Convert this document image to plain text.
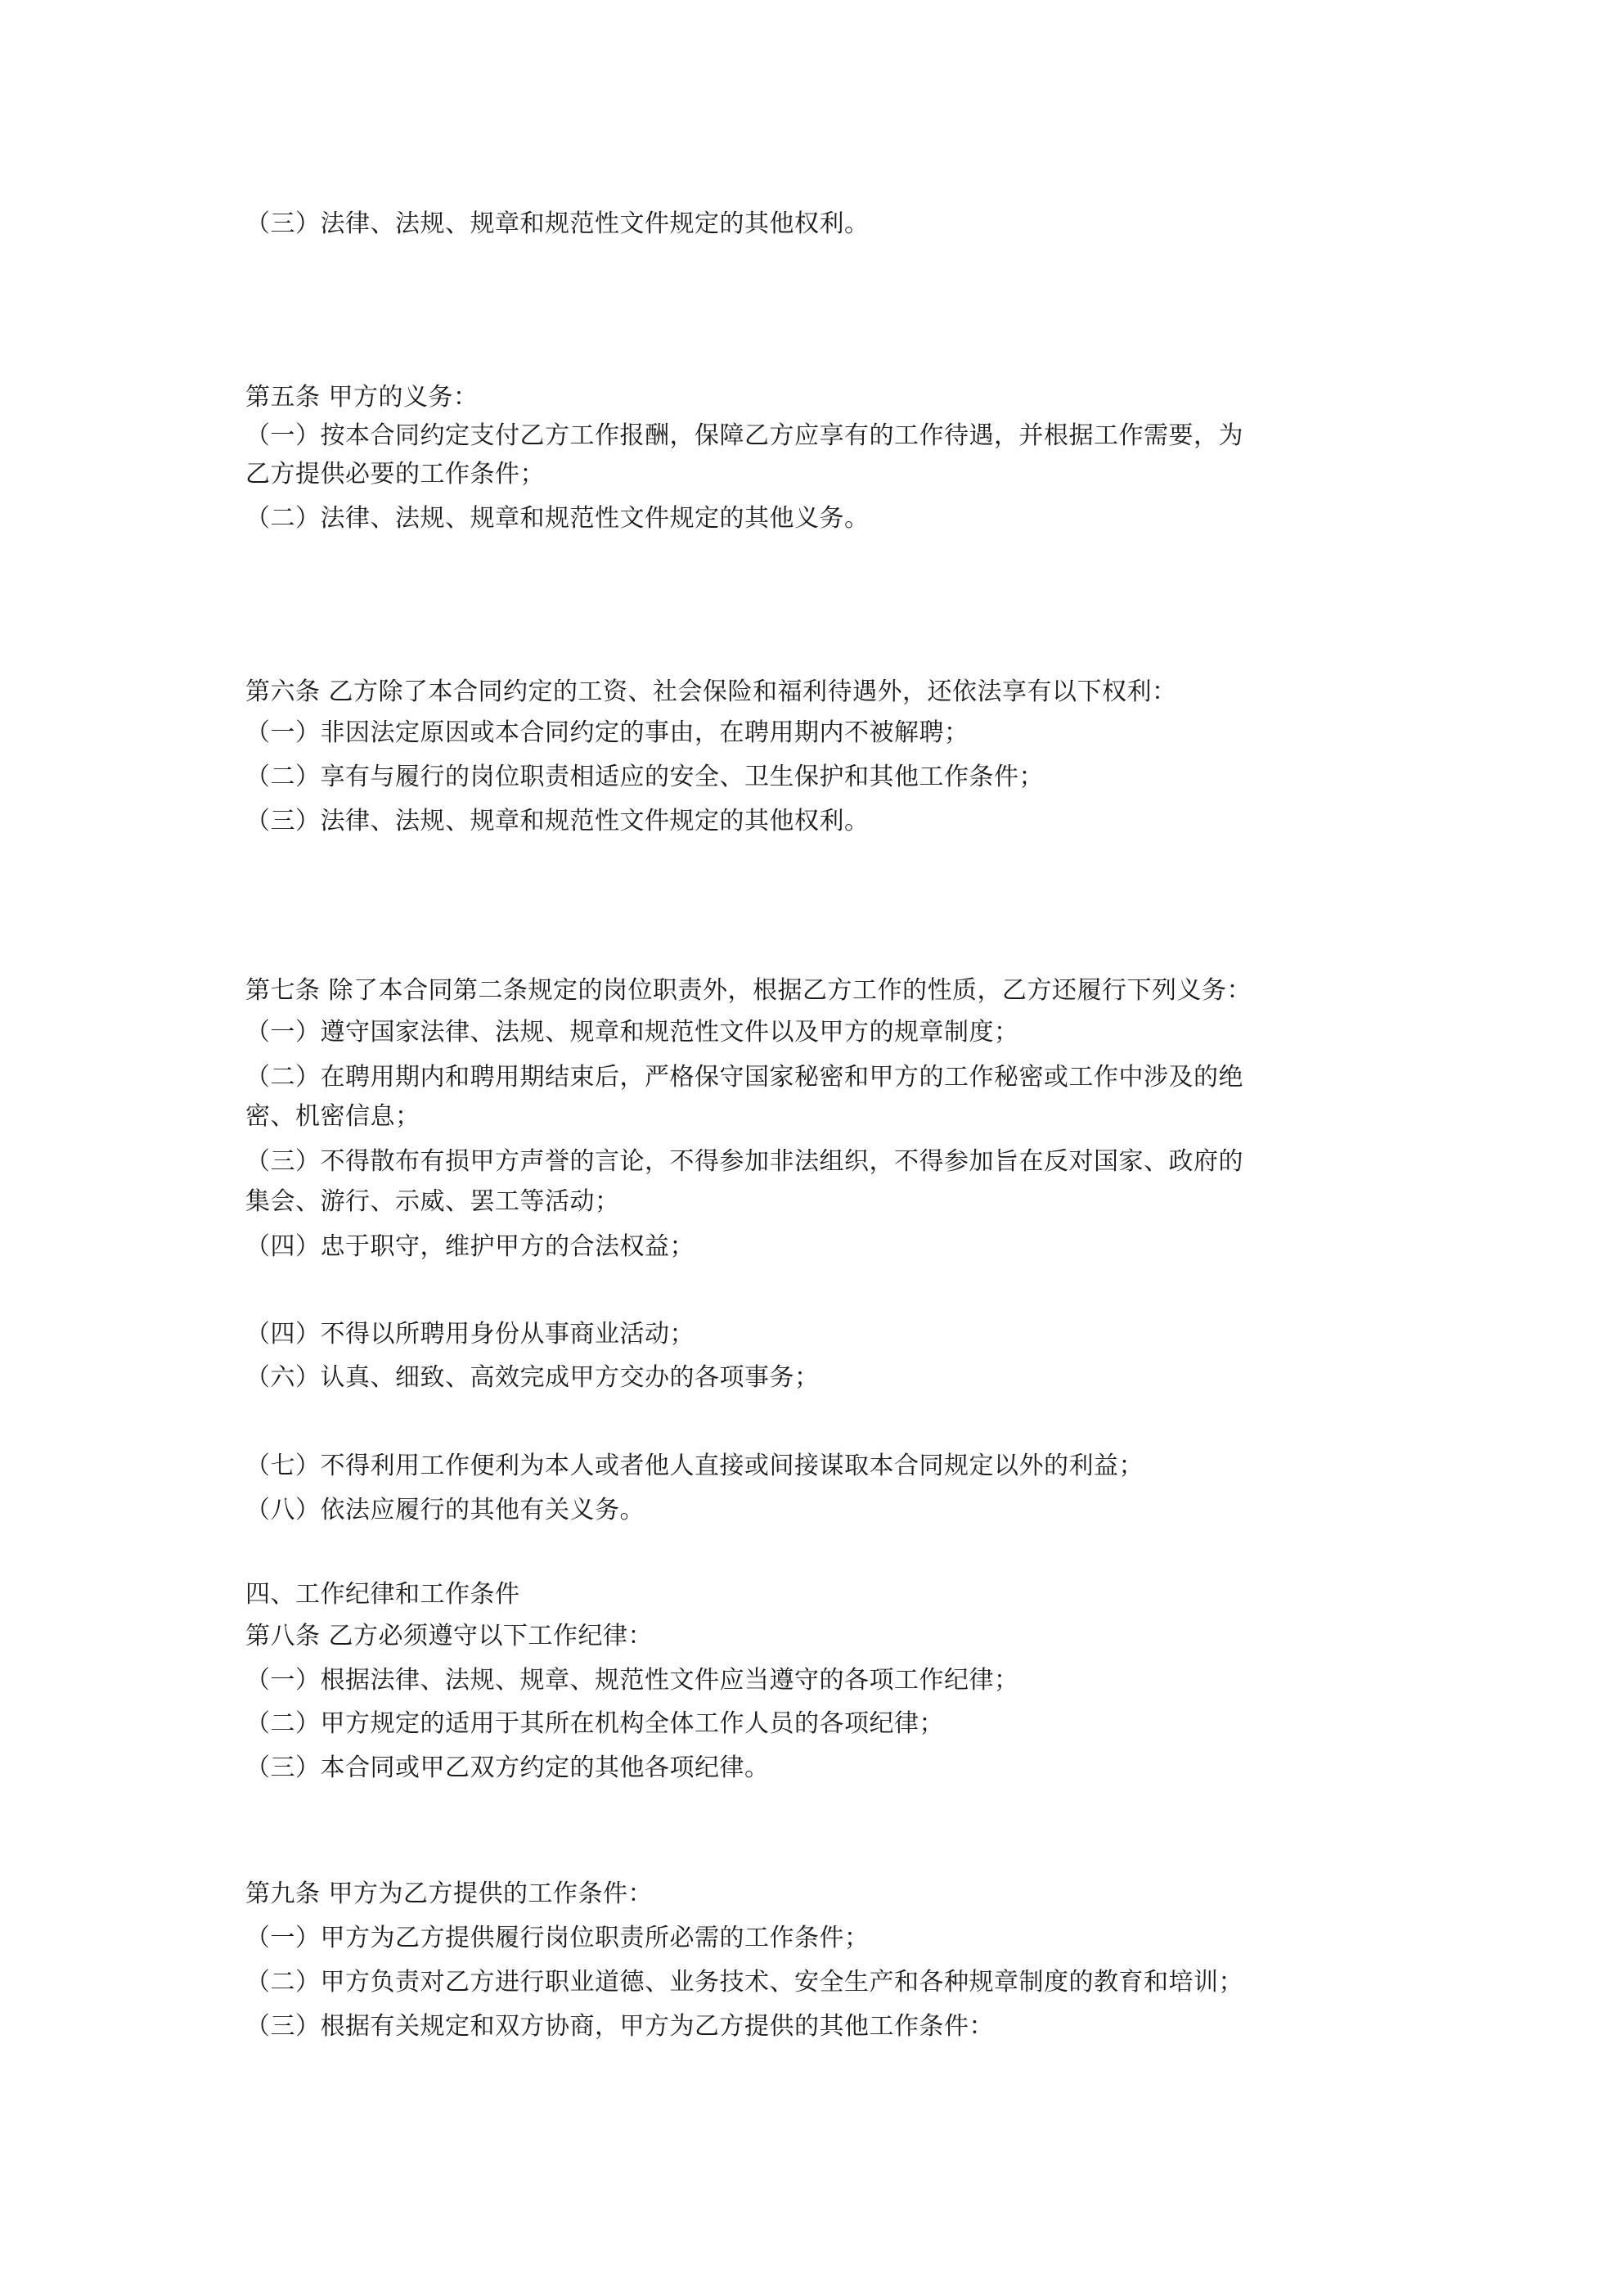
（三）法律、法规、规章和规范性文件规定的其他权利。
第五条 甲方的义务：
（一）按本合同约定支付乙方工作报酬，保障乙方应享有的工作待遇，并根据工作需要，为
乙方提供必要的工作条件；
（二）法律、法规、规章和规范性文件规定的其他义务。
第六条 乙方除了本合同约定的工资、社会保险和福利待遇外，还依法享有以下权利：
（一）非因法定原因或本合同约定的事由，在聘用期内不被解聘；
（二）享有与履行的岗位职责相适应的安全、卫生保护和其他工作条件；
（三）法律、法规、规章和规范性文件规定的其他权利。
第七条 除了本合同第二条规定的岗位职责外，根据乙方工作的性质，乙方还履行下列义务：
（一）遵守国家法律、法规、规章和规范性文件以及甲方的规章制度；
（二）在聘用期内和聘用期结束后，严格保守国家秘密和甲方的工作秘密或工作中涉及的绝
密、机密信息；
（三）不得散布有损甲方声誉的言论，不得参加非法组织，不得参加旨在反对国家、政府的
集会、游行、示威、罢工等活动；
（四）忠于职守，维护甲方的合法权益；
（四）不得以所聘用身份从事商业活动；
（六）认真、细致、高效完成甲方交办的各项事务；
（七）不得利用工作便利为本人或者他人直接或间接谋取本合同规定以外的利益；
（八）依法应履行的其他有关义务。
四、工作纪律和工作条件
第八条 乙方必须遵守以下工作纪律：
（一）根据法律、法规、规章、规范性文件应当遵守的各项工作纪律；
（二）甲方规定的适用于其所在机构全体工作人员的各项纪律；
（三）本合同或甲乙双方约定的其他各项纪律。
第九条 甲方为乙方提供的工作条件：
（一）甲方为乙方提供履行岗位职责所必需的工作条件；
（二）甲方负责对乙方进行职业道德、业务技术、安全生产和各种规章制度的教育和培训；
（三）根据有关规定和双方协商，甲方为乙方提供的其他工作条件：
